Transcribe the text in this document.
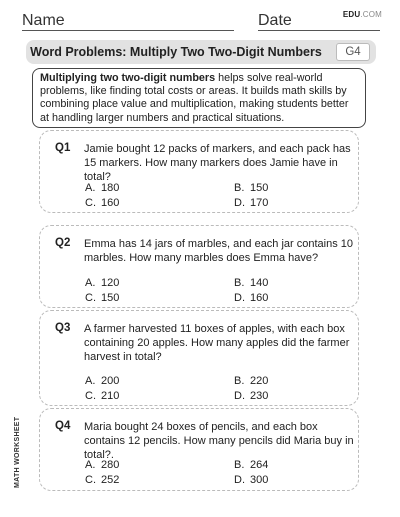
Name	Date	EDU.COM
Word Problems: Multiply Two Two-Digit Numbers	G4
Multiplying two two-digit numbers helps solve real-world problems, like finding total costs or areas. It builds math skills by combining place value and multiplication, making students better at handling larger numbers and practical situations.
Q1 Jamie bought 12 packs of markers, and each pack has 15 markers. How many markers does Jamie have in total?
A. 180	B. 150
C. 160	D. 170
Q2 Emma has 14 jars of marbles, and each jar contains 10 marbles. How many marbles does Emma have?
A. 120	B. 140
C. 150	D. 160
Q3 A farmer harvested 11 boxes of apples, with each box containing 20 apples. How many apples did the farmer harvest in total?
A. 200	B. 220
C. 210	D. 230
Q4 Maria bought 24 boxes of pencils, and each box contains 12 pencils. How many pencils did Maria buy in total?.
A. 280	B. 264
C. 252	D. 300
MATH WORKSHEET
